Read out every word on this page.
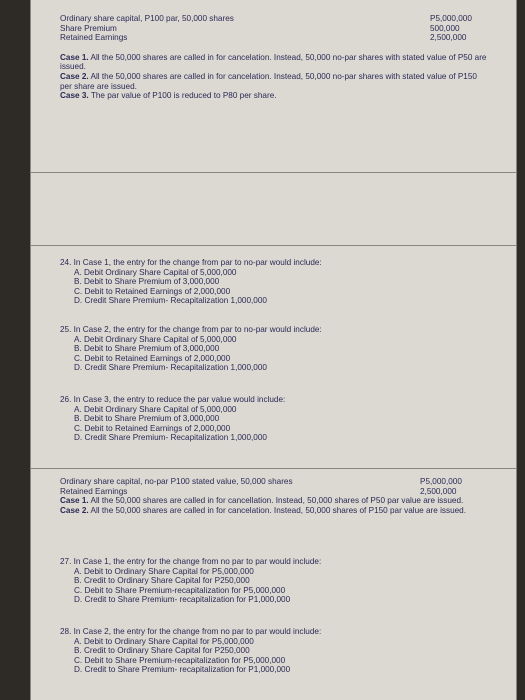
Ordinary share capital, P100 par, 50,000 shares	P5,000,000
Share Premium	500,000
Retained Earnings	2,500,000

Case 1. All the 50,000 shares are called in for cancelation. Instead, 50,000 no-par shares with stated value of P50 are issued.

Case 2. All the 50,000 shares are called in for cancelation. Instead, 50,000 no-par shares with stated value of P150 per share are issued.

Case 3. The par value of P100 is reduced to P80 per share.

24. In Case 1, the entry for the change from par to no-par would include:

A. Debit Ordinary Share Capital of 5,000,000

B. Debit to Share Premium of 3,000,000

C. Debit to Retained Earnings of 2,000,000

D. Credit Share Premium- Recapitalization 1,000,000

25. In Case 2, the entry for the change from par to no-par would include:

A. Debit Ordinary Share Capital of 5,000,000

B. Debit to Share Premium of 3,000,000

C. Debit to Retained Earnings of 2,000,000

D. Credit Share Premium- Recapitalization 1,000,000

26. In Case 3, the entry to reduce the par value would include:

A. Debit Ordinary Share Capital of 5,000,000

B. Debit to Share Premium of 3,000,000

C. Debit to Retained Earnings of 2,000,000

D. Credit Share Premium- Recapitalization 1,000,000

Ordinary share capital, no-par P100 stated value, 50,000 shares	P5,000,000
Retained Earnings	2,500,000

Case 1. All the 50,000 shares are called in for cancellation. Instead, 50,000 shares of P50 par value are issued.

Case 2. All the 50,000 shares are called in for cancelation. Instead, 50,000 shares of P150 par value are issued.

27. In Case 1, the entry for the change from no par to par would include:

A. Debit to Ordinary Share Capital for P5,000,000

B. Credit to Ordinary Share Capital for P250,000

C. Debit to Share Premium-recapitalization for P5,000,000

D. Credit to Share Premium- recapitalization for P1,000,000

28. In Case 2, the entry for the change from no par to par would include:

A. Debit to Ordinary Share Capital for P5,000,000

B. Credit to Ordinary Share Capital for P250,000

C. Debit to Share Premium-recapitalization for P5,000,000

D. Credit to Share Premium- recapitalization for P1,000,000
